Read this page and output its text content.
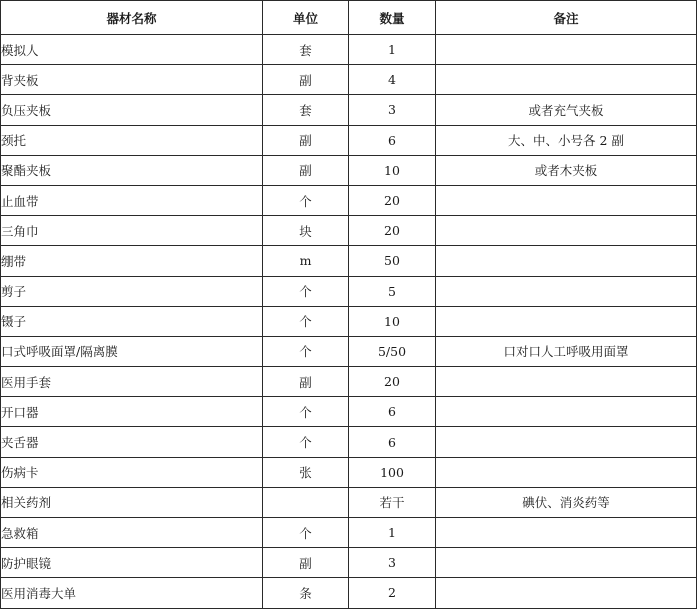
器材名称	单位	数量	备注
模拟人	套	1	
背夹板	副	4	
负压夹板	套	3	或者充气夹板
颈托	副	6	大、中、小号各 2 副
聚酯夹板	副	10	或者木夹板
止血带	个	20	
三角巾	块	20	
绷带	m	50	
剪子	个	5	
镊子	个	10	
口式呼吸面罩/隔离膜	个	5/50	口对口人工呼吸用面罩
医用手套	副	20	
开口器	个	6	
夹舌器	个	6	
伤病卡	张	100	
相关药剂		若干	碘伏、消炎药等
急救箱	个	1	
防护眼镜	副	3	
医用消毒大单	条	2	
